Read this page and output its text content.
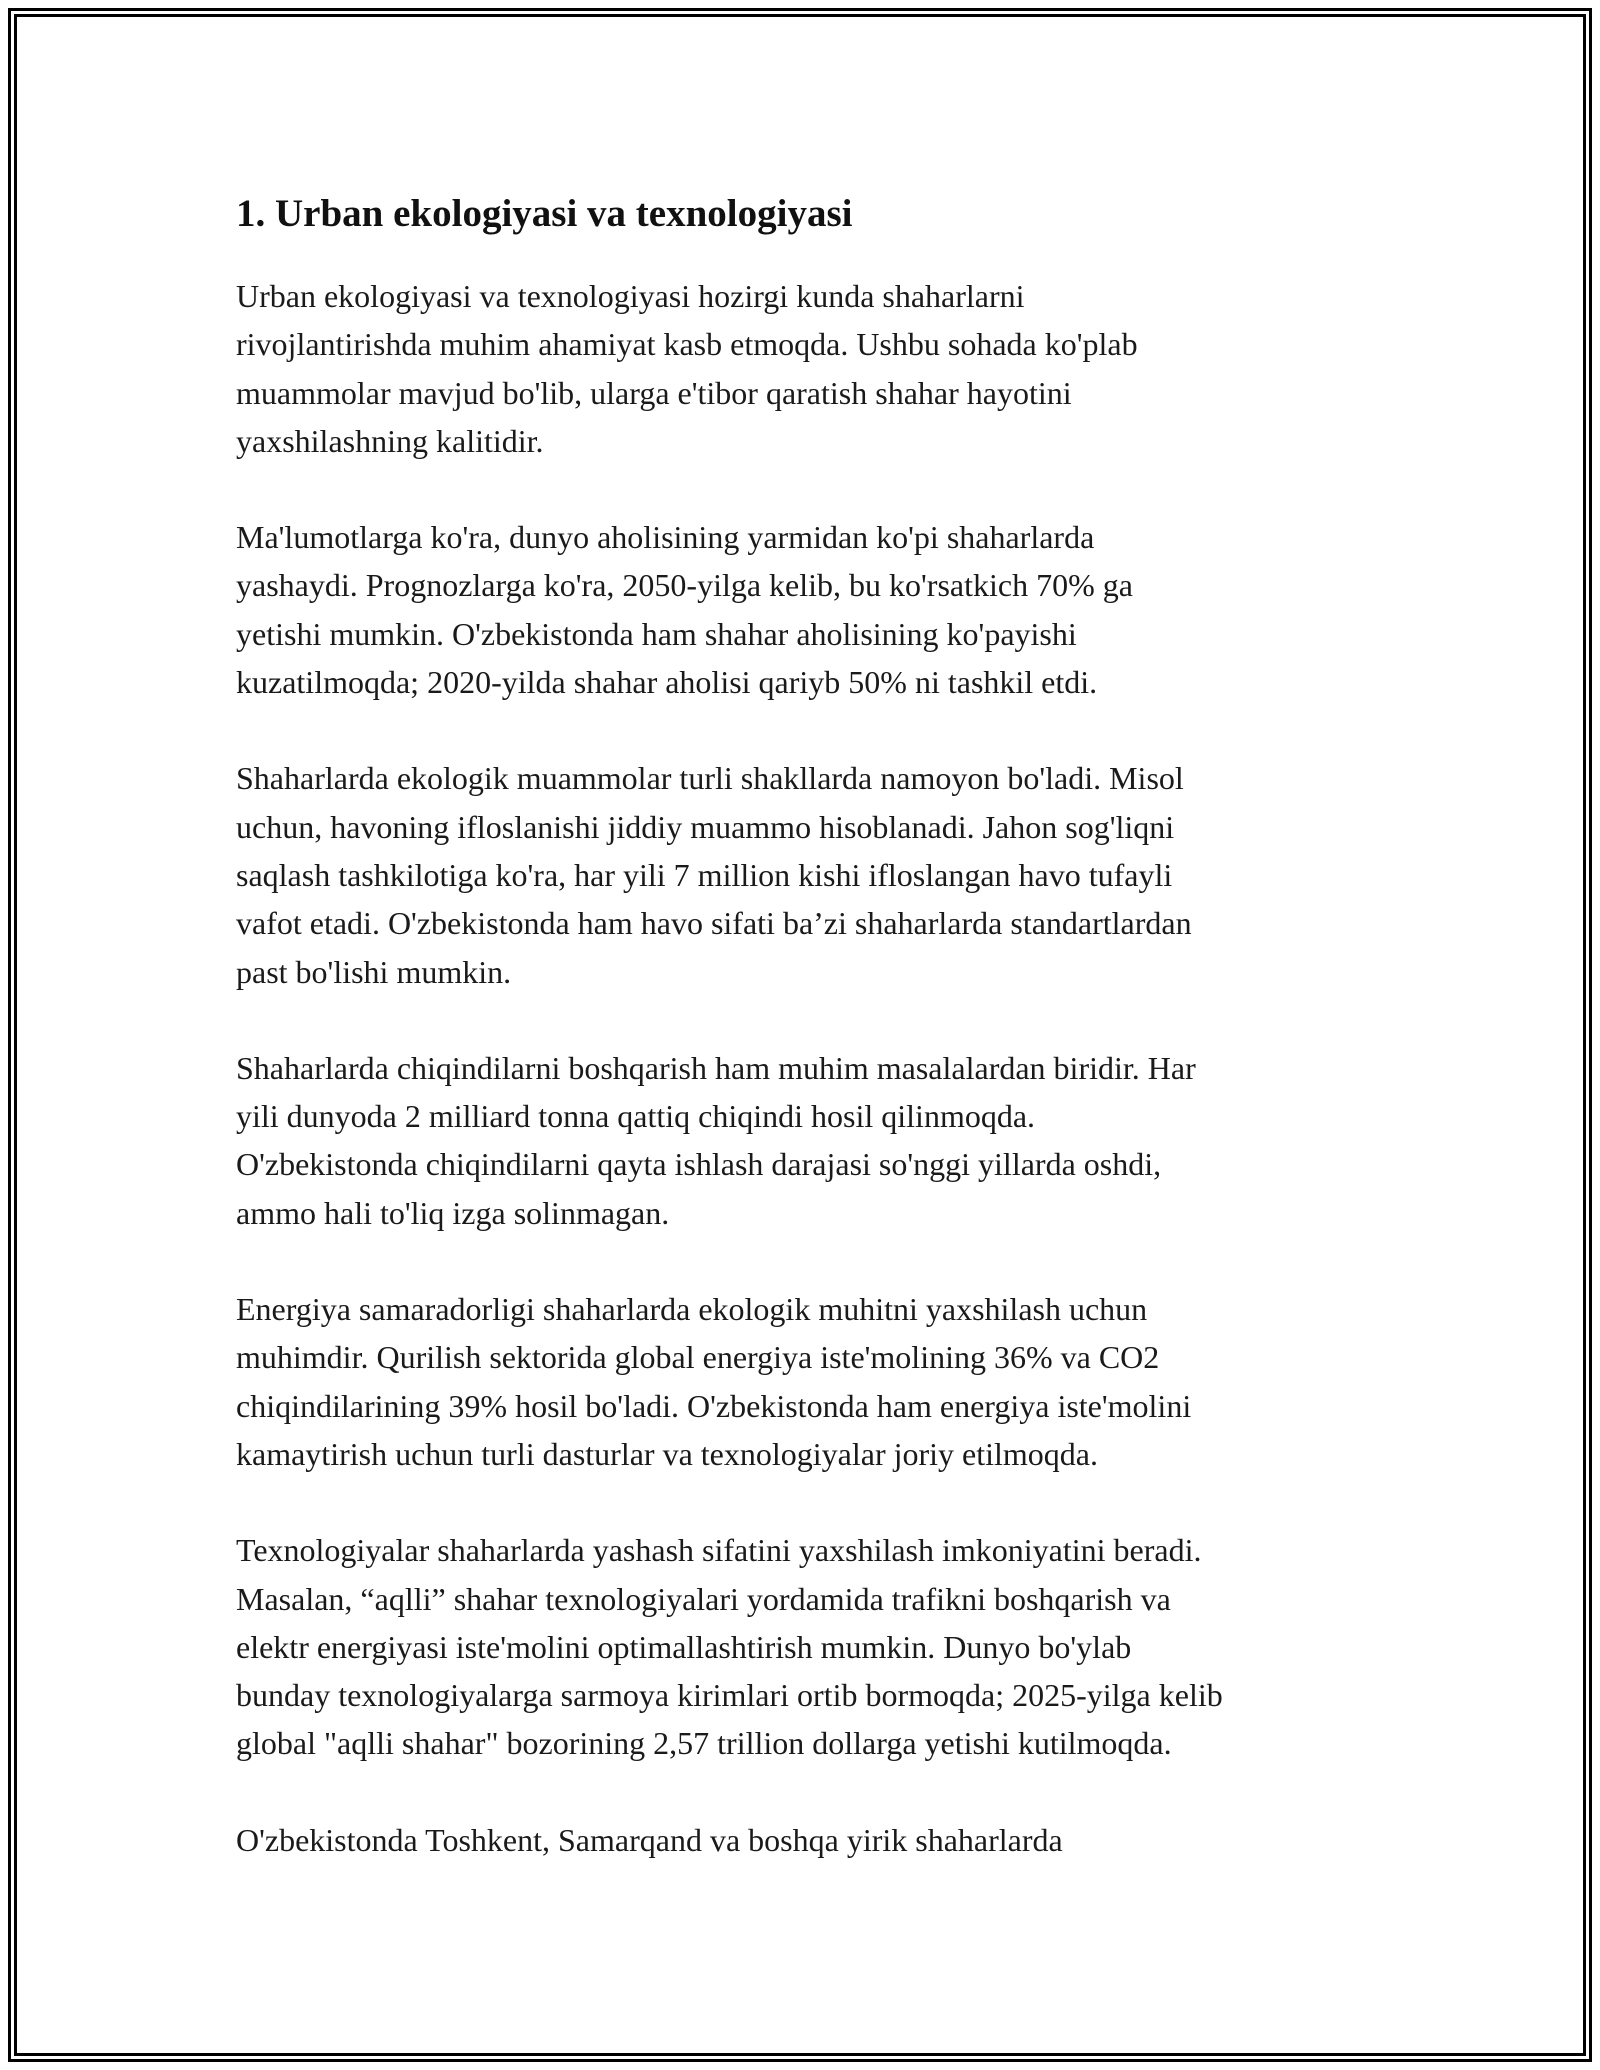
1. Urban ekologiyasi va texnologiyasi

Urban ekologiyasi va texnologiyasi hozirgi kunda shaharlarni
rivojlantirishda muhim ahamiyat kasb etmoqda. Ushbu sohada ko'plab
muammolar mavjud bo'lib, ularga e'tibor qaratish shahar hayotini
yaxshilashning kalitidir.

Ma'lumotlarga ko'ra, dunyo aholisining yarmidan ko'pi shaharlarda
yashaydi. Prognozlarga ko'ra, 2050-yilga kelib, bu ko'rsatkich 70% ga
yetishi mumkin. O'zbekistonda ham shahar aholisining ko'payishi
kuzatilmoqda; 2020-yilda shahar aholisi qariyb 50% ni tashkil etdi.

Shaharlarda ekologik muammolar turli shakllarda namoyon bo'ladi. Misol
uchun, havoning ifloslanishi jiddiy muammo hisoblanadi. Jahon sog'liqni
saqlash tashkilotiga ko'ra, har yili 7 million kishi ifloslangan havo tufayli
vafot etadi. O'zbekistonda ham havo sifati ba’zi shaharlarda standartlardan
past bo'lishi mumkin.

Shaharlarda chiqindilarni boshqarish ham muhim masalalardan biridir. Har
yili dunyoda 2 milliard tonna qattiq chiqindi hosil qilinmoqda.
O'zbekistonda chiqindilarni qayta ishlash darajasi so'nggi yillarda oshdi,
ammo hali to'liq izga solinmagan.

Energiya samaradorligi shaharlarda ekologik muhitni yaxshilash uchun
muhimdir. Qurilish sektorida global energiya iste'molining 36% va CO2
chiqindilarining 39% hosil bo'ladi. O'zbekistonda ham energiya iste'molini
kamaytirish uchun turli dasturlar va texnologiyalar joriy etilmoqda.

Texnologiyalar shaharlarda yashash sifatini yaxshilash imkoniyatini beradi.
Masalan, “aqlli” shahar texnologiyalari yordamida trafikni boshqarish va
elektr energiyasi iste'molini optimallashtirish mumkin. Dunyo bo'ylab
bunday texnologiyalarga sarmoya kirimlari ortib bormoqda; 2025-yilga kelib
global "aqlli shahar" bozorining 2,57 trillion dollarga yetishi kutilmoqda.

O'zbekistonda Toshkent, Samarqand va boshqa yirik shaharlarda
